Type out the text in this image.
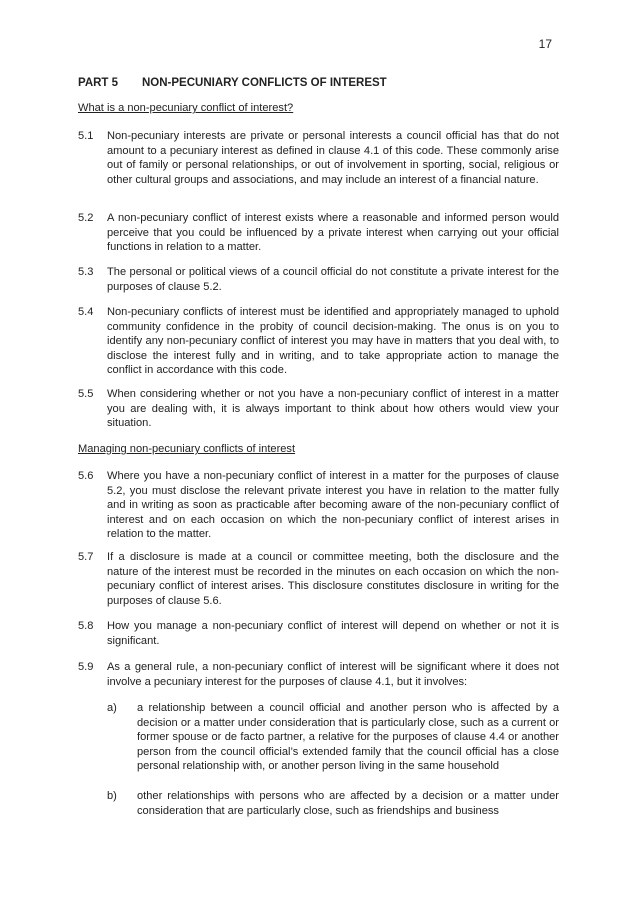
17
PART 5 NON-PECUNIARY CONFLICTS OF INTEREST
What is a non-pecuniary conflict of interest?
5.1 Non-pecuniary interests are private or personal interests a council official has that do not amount to a pecuniary interest as defined in clause 4.1 of this code. These commonly arise out of family or personal relationships, or out of involvement in sporting, social, religious or other cultural groups and associations, and may include an interest of a financial nature.
5.2 A non-pecuniary conflict of interest exists where a reasonable and informed person would perceive that you could be influenced by a private interest when carrying out your official functions in relation to a matter.
5.3 The personal or political views of a council official do not constitute a private interest for the purposes of clause 5.2.
5.4 Non-pecuniary conflicts of interest must be identified and appropriately managed to uphold community confidence in the probity of council decision-making. The onus is on you to identify any non-pecuniary conflict of interest you may have in matters that you deal with, to disclose the interest fully and in writing, and to take appropriate action to manage the conflict in accordance with this code.
5.5 When considering whether or not you have a non-pecuniary conflict of interest in a matter you are dealing with, it is always important to think about how others would view your situation.
Managing non-pecuniary conflicts of interest
5.6 Where you have a non-pecuniary conflict of interest in a matter for the purposes of clause 5.2, you must disclose the relevant private interest you have in relation to the matter fully and in writing as soon as practicable after becoming aware of the non-pecuniary conflict of interest and on each occasion on which the non-pecuniary conflict of interest arises in relation to the matter.
5.7 If a disclosure is made at a council or committee meeting, both the disclosure and the nature of the interest must be recorded in the minutes on each occasion on which the non-pecuniary conflict of interest arises. This disclosure constitutes disclosure in writing for the purposes of clause 5.6.
5.8 How you manage a non-pecuniary conflict of interest will depend on whether or not it is significant.
5.9 As a general rule, a non-pecuniary conflict of interest will be significant where it does not involve a pecuniary interest for the purposes of clause 4.1, but it involves:
a) a relationship between a council official and another person who is affected by a decision or a matter under consideration that is particularly close, such as a current or former spouse or de facto partner, a relative for the purposes of clause 4.4 or another person from the council official’s extended family that the council official has a close personal relationship with, or another person living in the same household
b) other relationships with persons who are affected by a decision or a matter under consideration that are particularly close, such as friendships and business
